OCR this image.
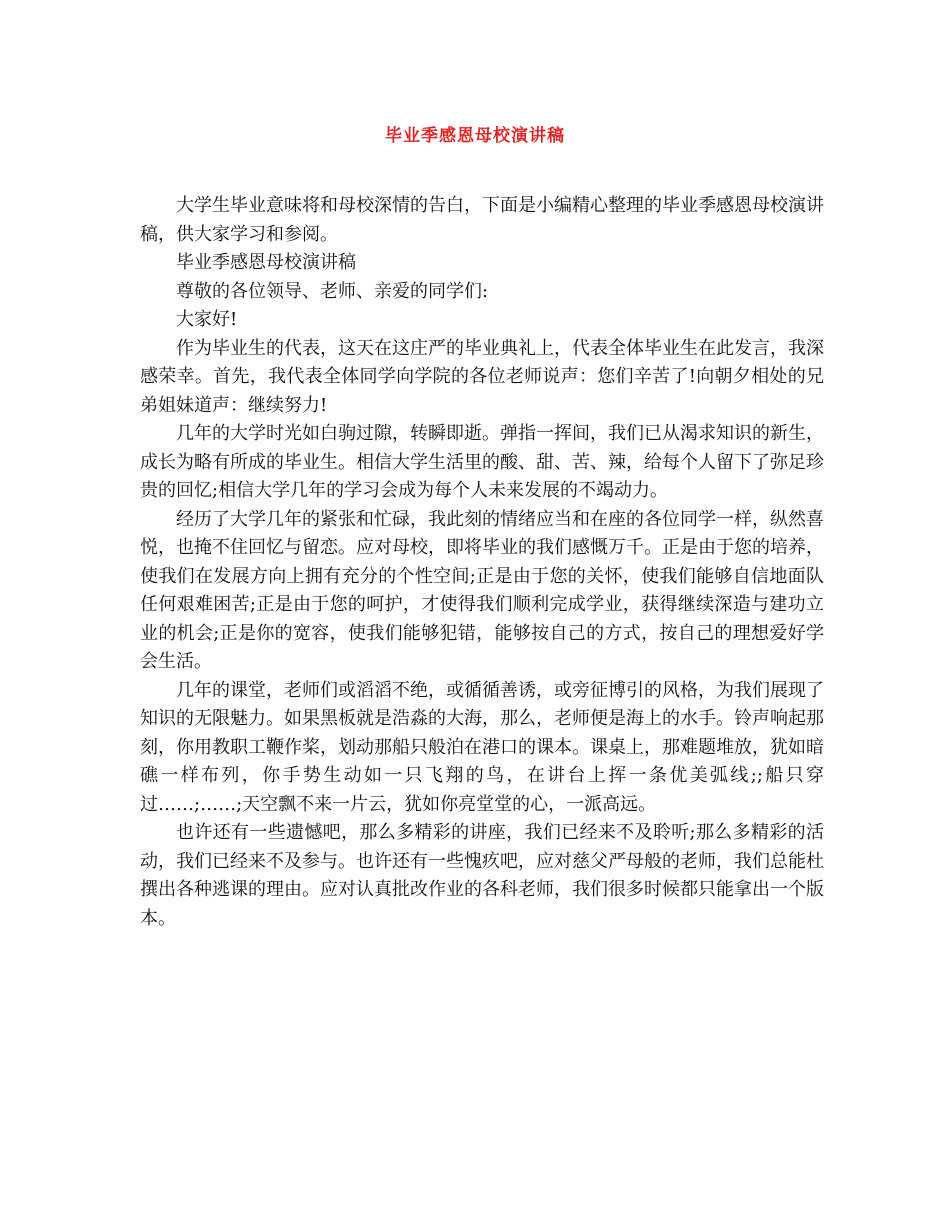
毕业季感恩母校演讲稿

大学生毕业意味将和母校深情的告白，下面是小编精心整理的毕业季感恩母校演讲稿，供大家学习和参阅。

毕业季感恩母校演讲稿

尊敬的各位领导、老师、亲爱的同学们:

大家好!

作为毕业生的代表，这天在这庄严的毕业典礼上，代表全体毕业生在此发言，我深感荣幸。首先，我代表全体同学向学院的各位老师说声：您们辛苦了!向朝夕相处的兄弟姐妹道声：继续努力!

几年的大学时光如白驹过隙，转瞬即逝。弹指一挥间，我们已从渴求知识的新生，成长为略有所成的毕业生。相信大学生活里的酸、甜、苦、辣，给每个人留下了弥足珍贵的回忆;相信大学几年的学习会成为每个人未来发展的不竭动力。

经历了大学几年的紧张和忙碌，我此刻的情绪应当和在座的各位同学一样，纵然喜悦，也掩不住回忆与留恋。应对母校，即将毕业的我们感慨万千。正是由于您的培养，使我们在发展方向上拥有充分的个性空间;正是由于您的关怀，使我们能够自信地面队任何艰难困苦;正是由于您的呵护，才使得我们顺利完成学业，获得继续深造与建功立业的机会;正是你的宽容，使我们能够犯错，能够按自己的方式，按自己的理想爱好学会生活。

几年的课堂，老师们或滔滔不绝，或循循善诱，或旁征博引的风格，为我们展现了知识的无限魅力。如果黑板就是浩淼的大海，那么，老师便是海上的水手。铃声响起那刻，你用教职工鞭作桨，划动那船只般泊在港口的课本。课桌上，那难题堆放，犹如暗礁一样布列，你手势生动如一只飞翔的鸟，在讲台上挥一条优美弧线;;船只穿过……;……;天空飘不来一片云，犹如你亮堂堂的心，一派高远。

也许还有一些遗憾吧，那么多精彩的讲座，我们已经来不及聆听;那么多精彩的活动，我们已经来不及参与。也许还有一些愧疚吧，应对慈父严母般的老师，我们总能杜撰出各种逃课的理由。应对认真批改作业的各科老师，我们很多时候都只能拿出一个版本。
